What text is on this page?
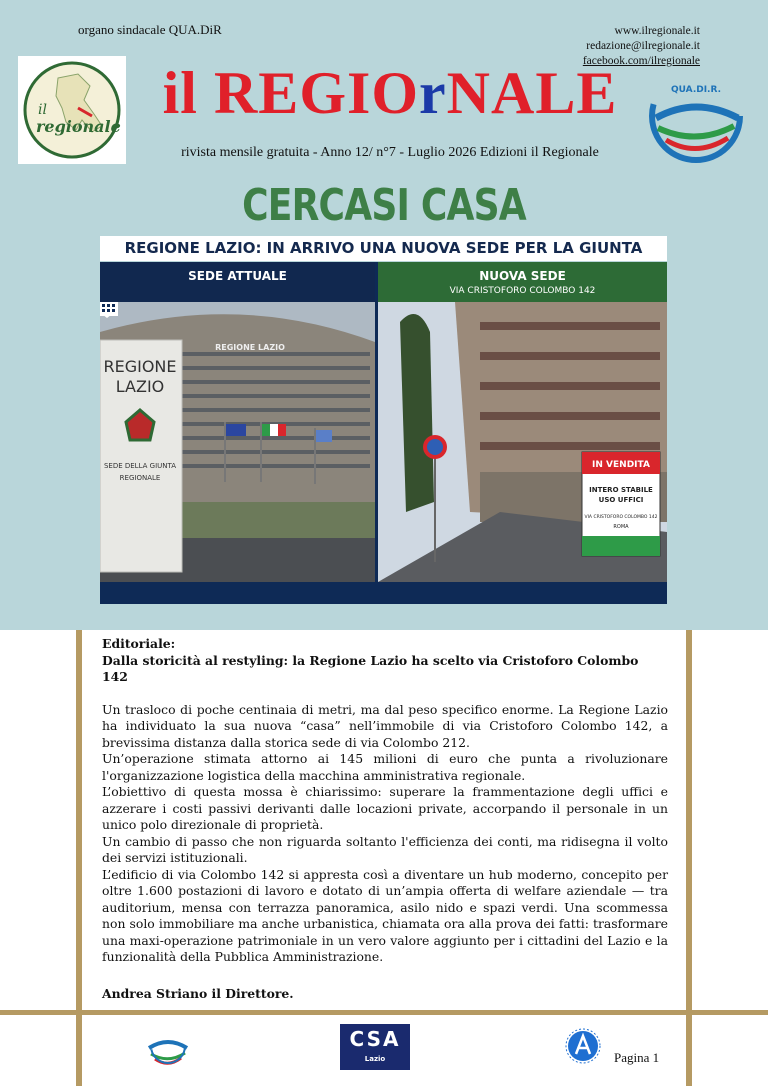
organo sindacale QUA.DiR	www.ilregionale.it
redazione@ilregionale.it
facebook.com/ilregionale
il
regionale
il REGIOrNALE
rivista mensile gratuita - Anno 12/ n°7 - Luglio 2026 Edizioni il Regionale
QUA.DI.R.
CERCASI CASA
REGIONE LAZIO: IN ARRIVO UNA NUOVA SEDE PER LA GIUNTA
SEDE ATTUALE	NUOVA SEDE
VIA CRISTOFORO COLOMBO 142
REGIONE LAZIO
REGIONE
LAZIO
SEDE DELLA GIUNTA
REGIONALE
IN VENDITA
INTERO STABILE
USO UFFICI
VIA CRISTOFORO COLOMBO 142
ROMA

Editoriale:

Dalla storicità al restyling: la Regione Lazio ha scelto via Cristoforo Colombo 142

Un trasloco di poche centinaia di metri, ma dal peso specifico enorme. La Regione Lazio ha individuato la sua nuova “casa” nell’immobile di via Cristoforo Colombo 142, a brevissima distanza dalla storica sede di via Colombo 212.

Un’operazione stimata attorno ai 145 milioni di euro che punta a rivoluzionare l'organizzazione logistica della macchina amministrativa regionale.

L’obiettivo di questa mossa è chiarissimo: superare la frammentazione degli uffici e azzerare i costi passivi derivanti dalle locazioni private, accorpando il personale in un unico polo direzionale di proprietà.

Un cambio di passo che non riguarda soltanto l'efficienza dei conti, ma ridisegna il volto dei servizi istituzionali.

L’edificio di via Colombo 142 si appresta così a diventare un hub moderno, concepito per oltre 1.600 postazioni di lavoro e dotato di un’ampia offerta di welfare aziendale — tra auditorium, mensa con terrazza panoramica, asilo nido e spazi verdi. Una scommessa non solo immobiliare ma anche urbanistica, chiamata ora alla prova dei fatti: trasformare una maxi-operazione patrimoniale in un vero valore aggiunto per i cittadini del Lazio e la funzionalità della Pubblica Amministrazione.

Andrea Striano il Direttore.
CSA
Lazio	Pagina 1
